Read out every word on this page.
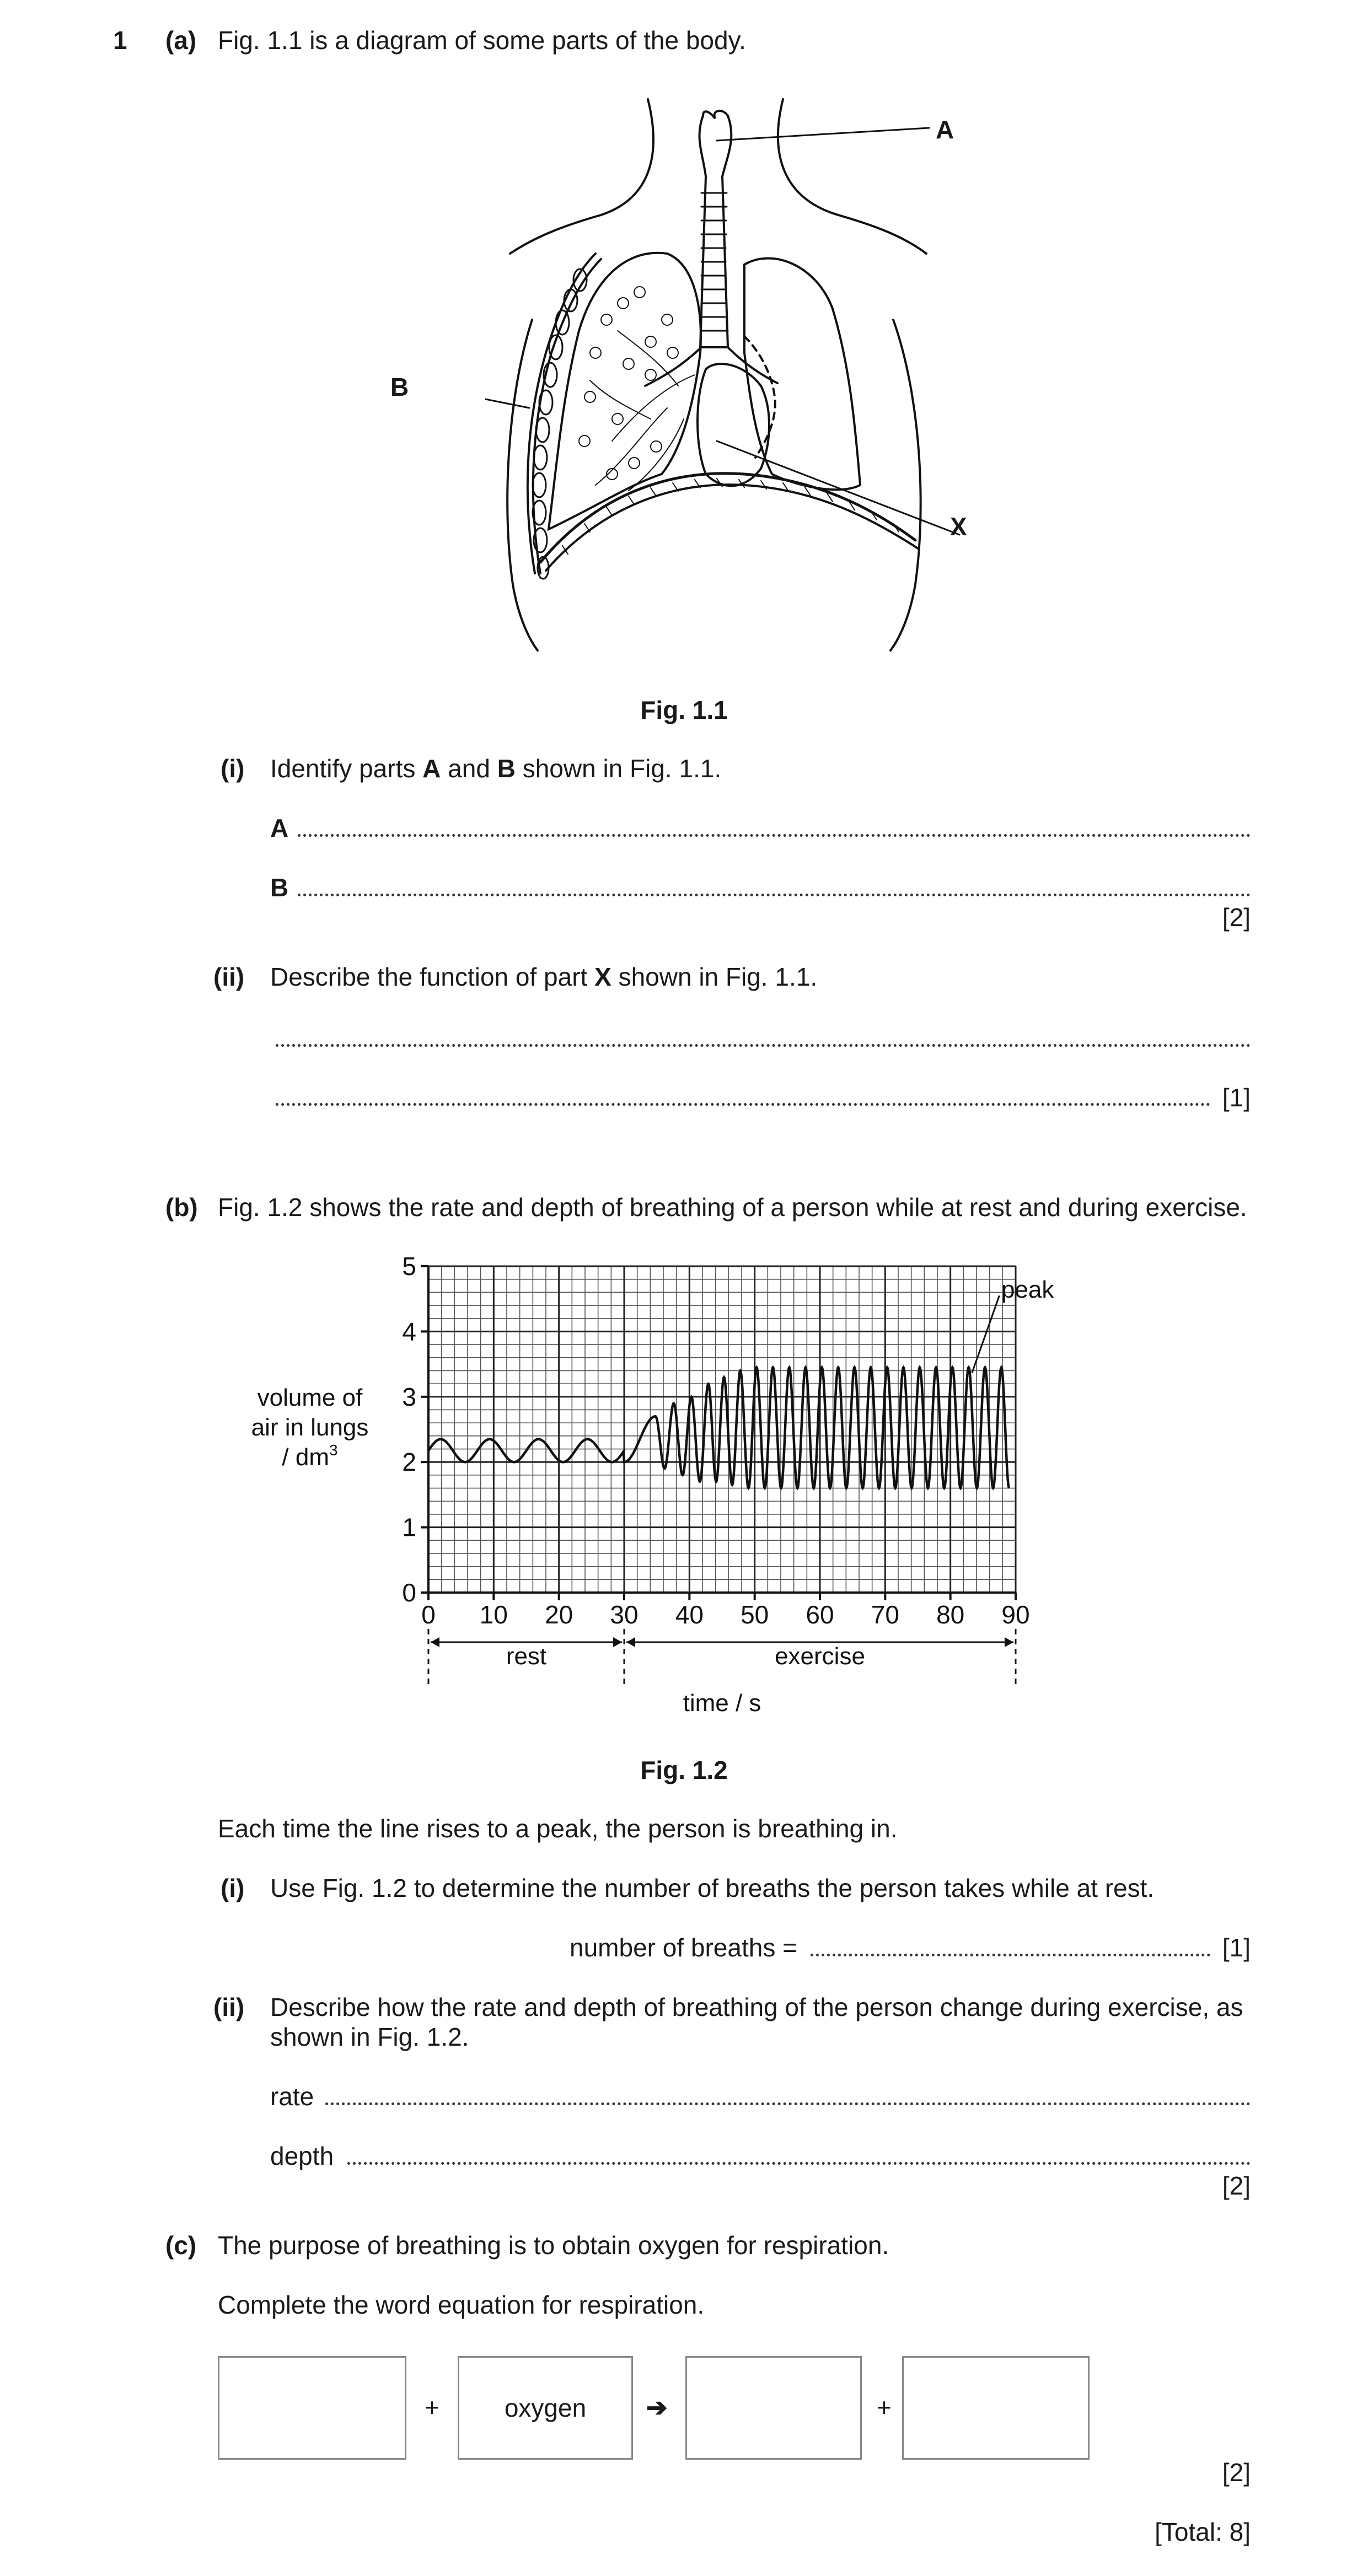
1 (a) Fig. 1.1 is a diagram of some parts of the body.
A
B
X
Fig. 1.1
(i) Identify parts A and B shown in Fig. 1.1.
A
B
[2]
(ii) Describe the function of part X shown in Fig. 1.1.
[1]
(b) Fig. 1.2 shows the rate and depth of breathing of a person while at rest and during exercise.
0 10 20 30 40 50 60 70 80 90
0
1
2
3
4
5
rest	exercise
peak
time / s
volume of
air in lungs
/ $dm^3$
Fig. 1.2
Each time the line rises to a peak, the person is breathing in.
(i) Use Fig. 1.2 to determine the number of breaths the person takes while at rest.
number of breaths =	[1]
(ii) Describe how the rate and depth of breathing of the person change during exercise, as
shown in Fig. 1.2.
rate
depth
[2]
(c) The purpose of breathing is to obtain oxygen for respiration.
Complete the word equation for respiration.
+	oxygen	➔	+
[2]
[Total: 8]
